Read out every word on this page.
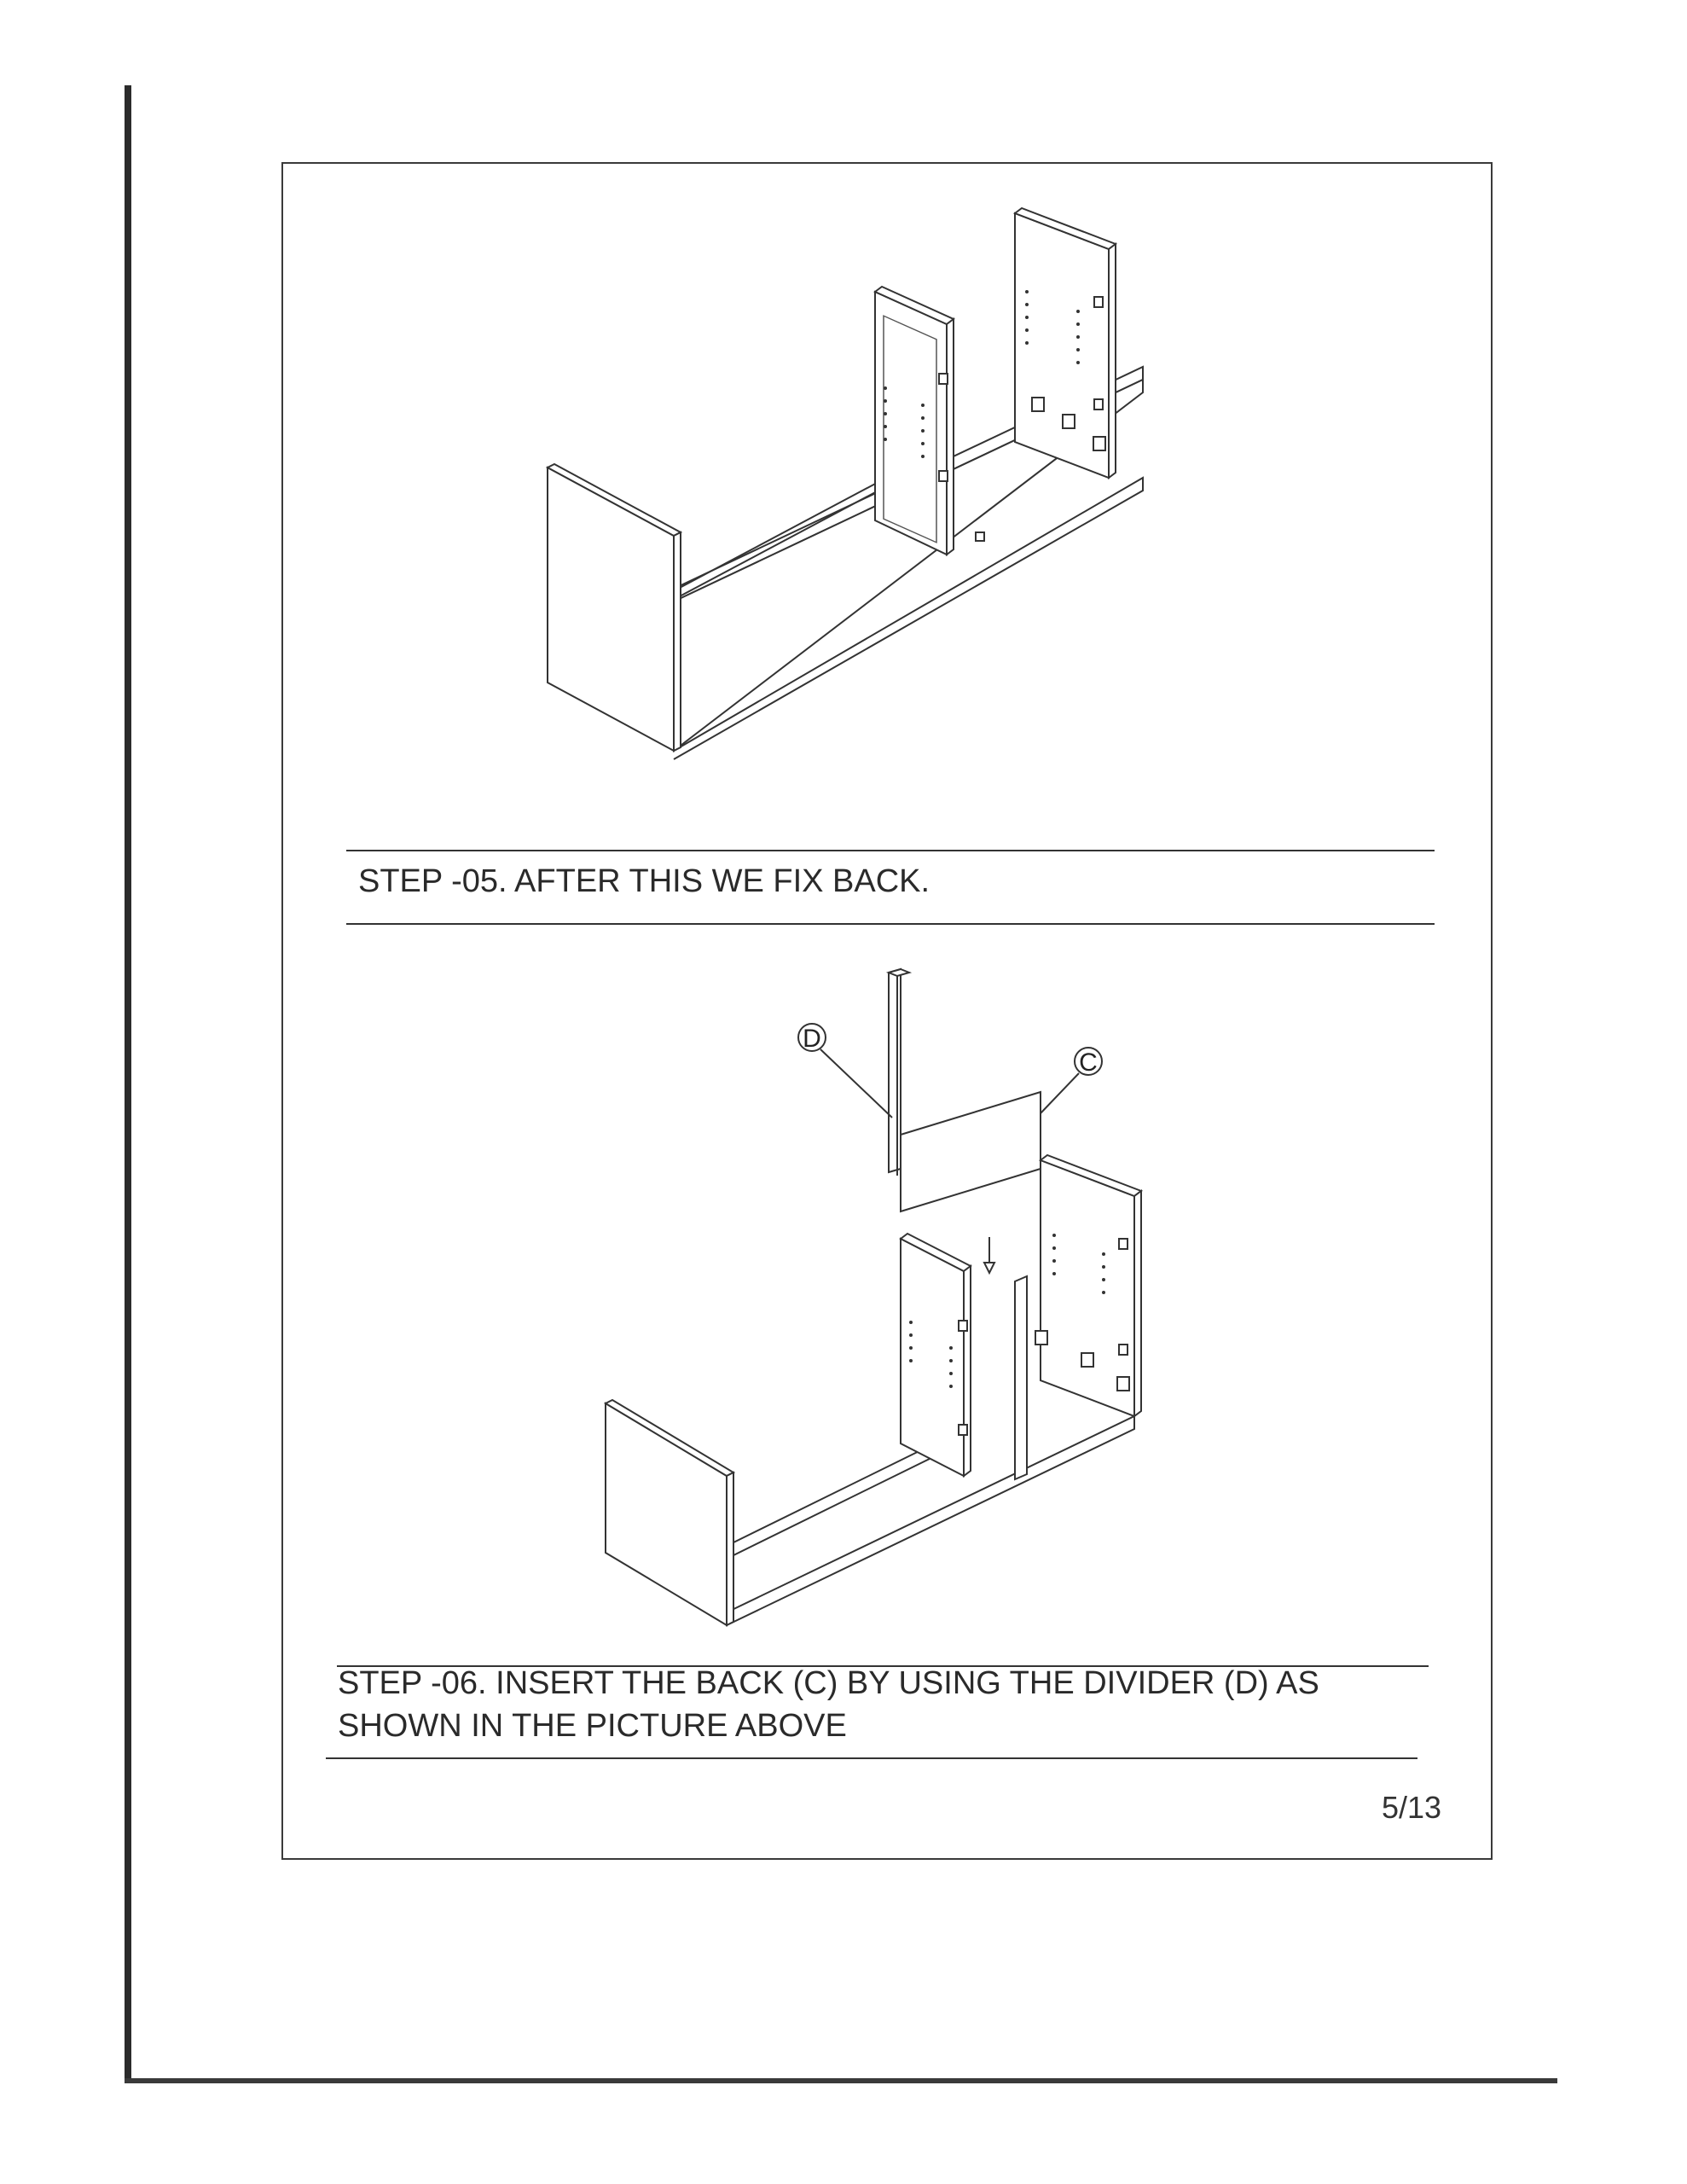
STEP -05. AFTER THIS WE FIX BACK.
D
C
STEP -06. INSERT THE BACK (C) BY USING THE DIVIDER (D) AS
SHOWN IN THE PICTURE ABOVE
5/13
